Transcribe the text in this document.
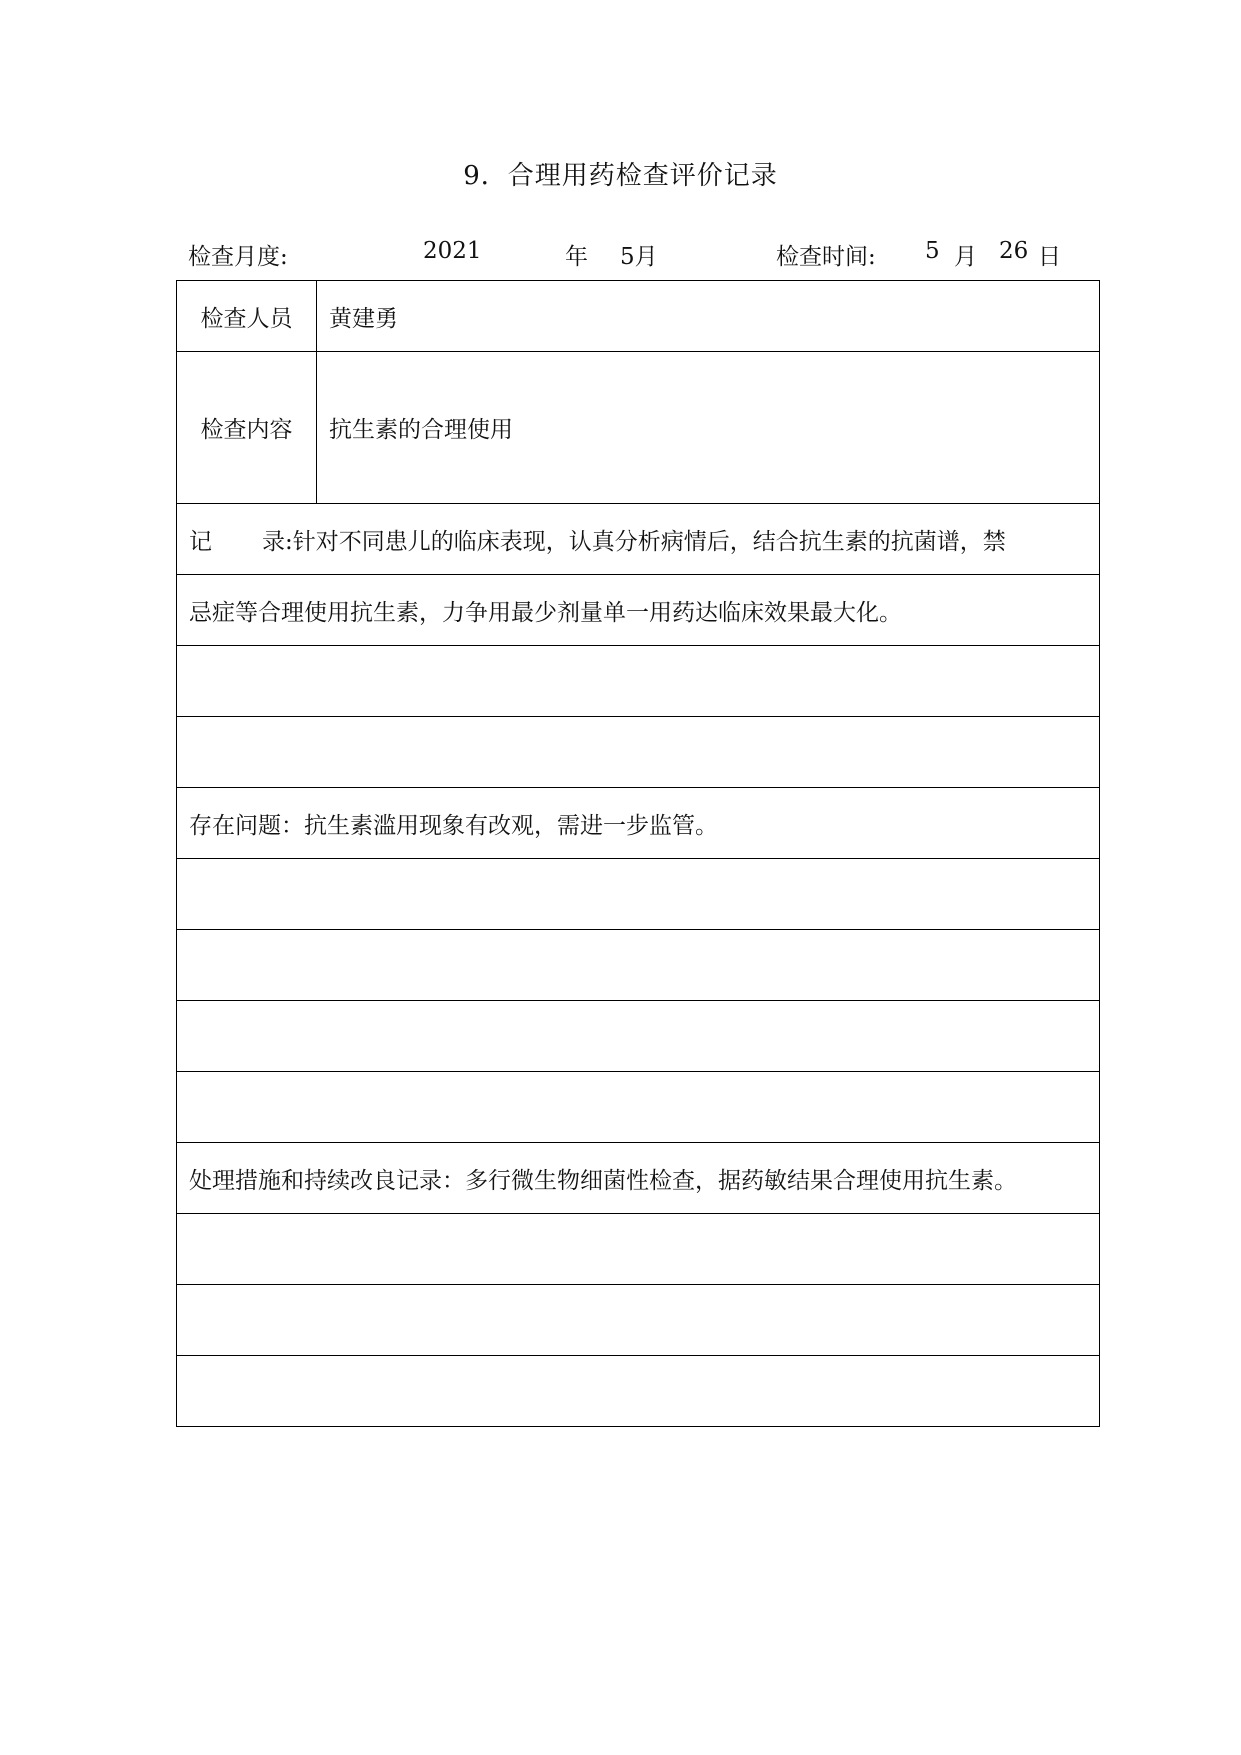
9．合理用药检查评价记录
检查月度:	2021	年 5月	检查时间: 5 月 26 日
检查人员	黄建勇
检查内容	抗生素的合理使用
记 录:针对不同患儿的临床表现，认真分析病情后，结合抗生素的抗菌谱，禁	
忌症等合理使用抗生素，力争用最少剂量单一用药达临床效果最大化。	

存在问题：抗生素滥用现象有改观，需进一步监管。	

处理措施和持续改良记录：多行微生物细菌性检查，据药敏结果合理使用抗生素。	
